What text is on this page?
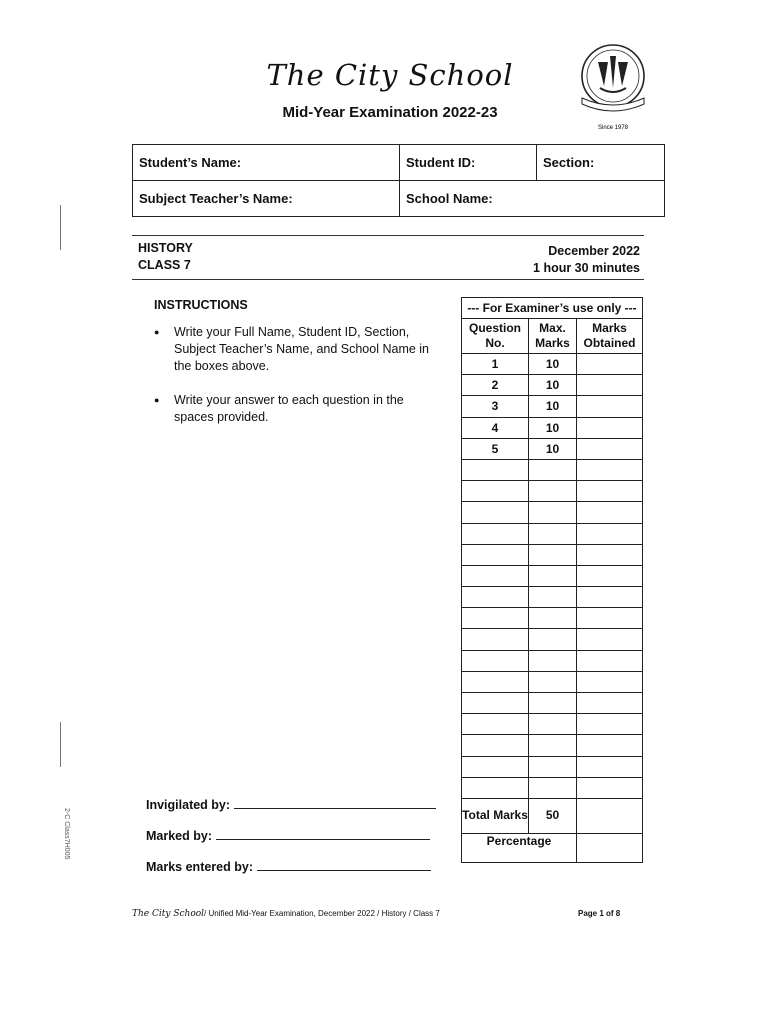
The City School
Mid-Year Examination 2022-23
Since 1978
Student’s Name:	Student ID:	Section:
Subject Teacher’s Name:	School Name:	
HISTORY
CLASS 7
December 2022
1 hour 30 minutes
INSTRUCTIONS
● Write your Full Name, Student ID, Section, Subject Teacher’s Name, and School Name in the boxes above.
● Write your answer to each question in the spaces provided.
--- For Examiner’s use only ---		
Question No.	Max. Marks	Marks Obtained
1	10	
2	10	
3	10	
4	10	
5	10	

Total Marks	50	
Percentage		
Invigilated by:
Marked by:
Marks entered by:
The City School/ Unified Mid-Year Examination, December 2022 / History / Class 7	Page 1 of 8
2-C Class7H005
